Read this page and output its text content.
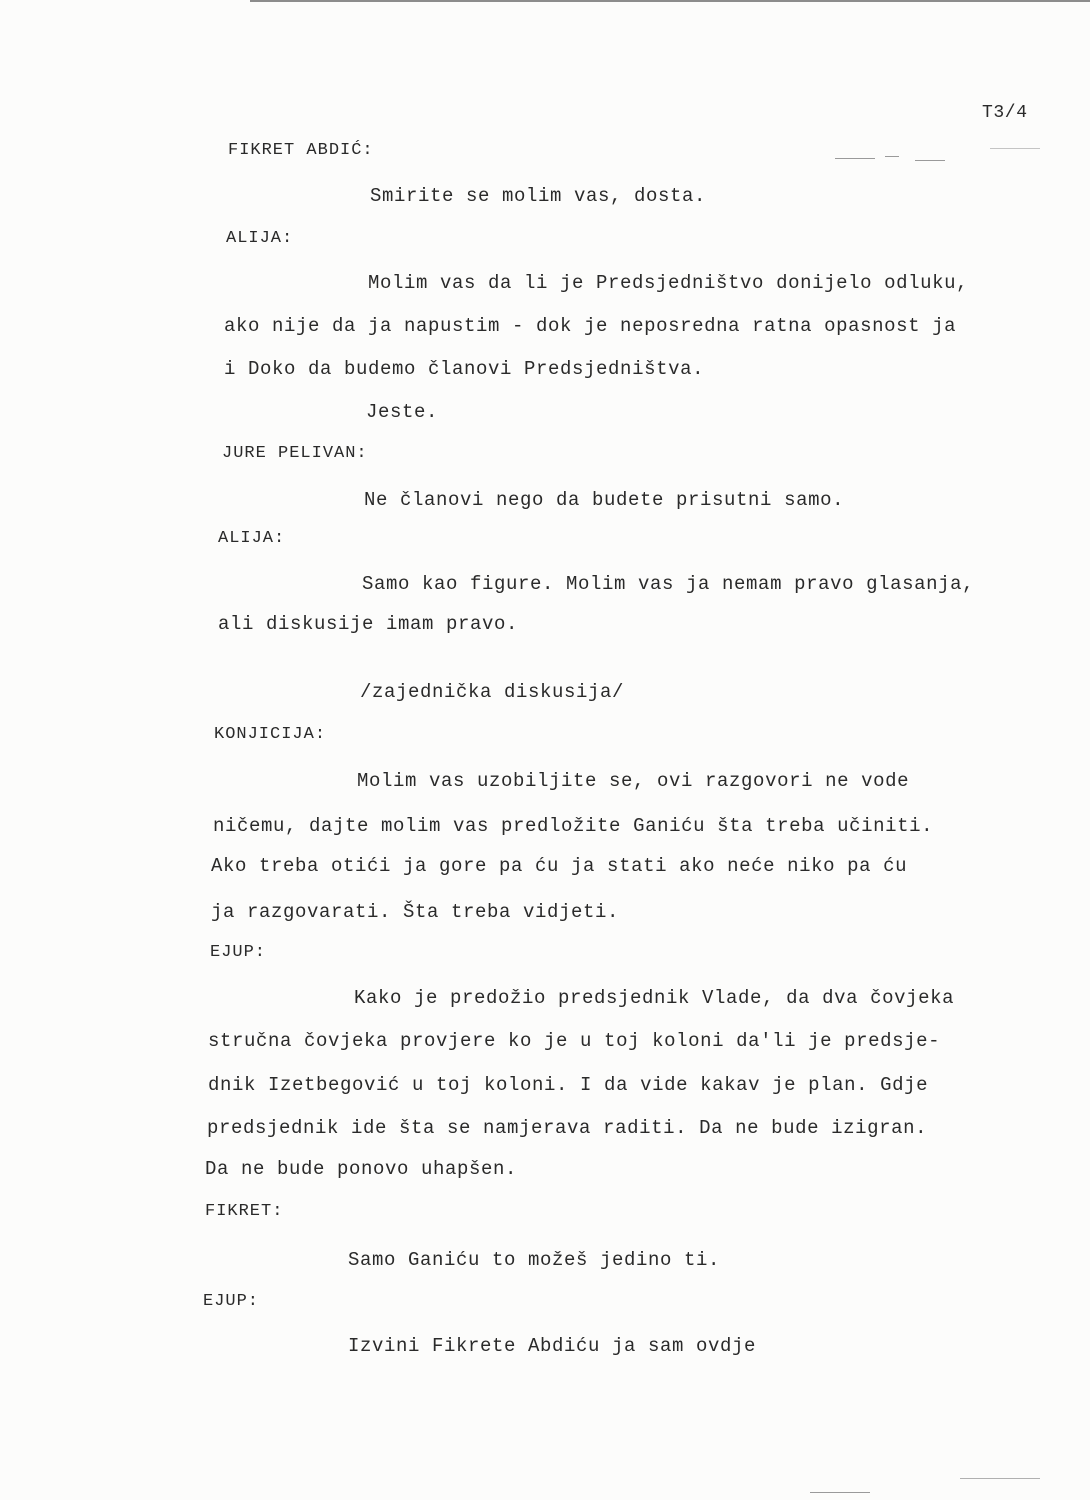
T3/4
FIKRET ABDIĆ:
Smirite se molim vas, dosta.
ALIJA:
Molim vas da li je Predsjedništvo donijelo odluku,
ako nije da ja napustim - dok je neposredna ratna opasnost ja
i Doko da budemo članovi Predsjedništva.
Jeste.
JURE PELIVAN:
Ne članovi nego da budete prisutni samo.
ALIJA:
Samo kao figure. Molim vas ja nemam pravo glasanja,
ali diskusije imam pravo.
/zajednička diskusija/
KONJICIJA:
Molim vas uzobiljite se, ovi razgovori ne vode
ničemu, dajte molim vas predložite Ganiću šta treba učiniti.
Ako treba otići ja gore pa ću ja stati ako neće niko pa ću
ja razgovarati. Šta treba vidjeti.
EJUP:
Kako je predožio predsjednik Vlade, da dva čovjeka
stručna čovjeka provjere ko je u toj koloni da'li je predsje-
dnik Izetbegović u toj koloni. I da vide kakav je plan. Gdje
predsjednik ide šta se namjerava raditi. Da ne bude izigran.
Da ne bude ponovo uhapšen.
FIKRET:
Samo Ganiću to možeš jedino ti.
EJUP:
Izvini Fikrete Abdiću ja sam ovdje
